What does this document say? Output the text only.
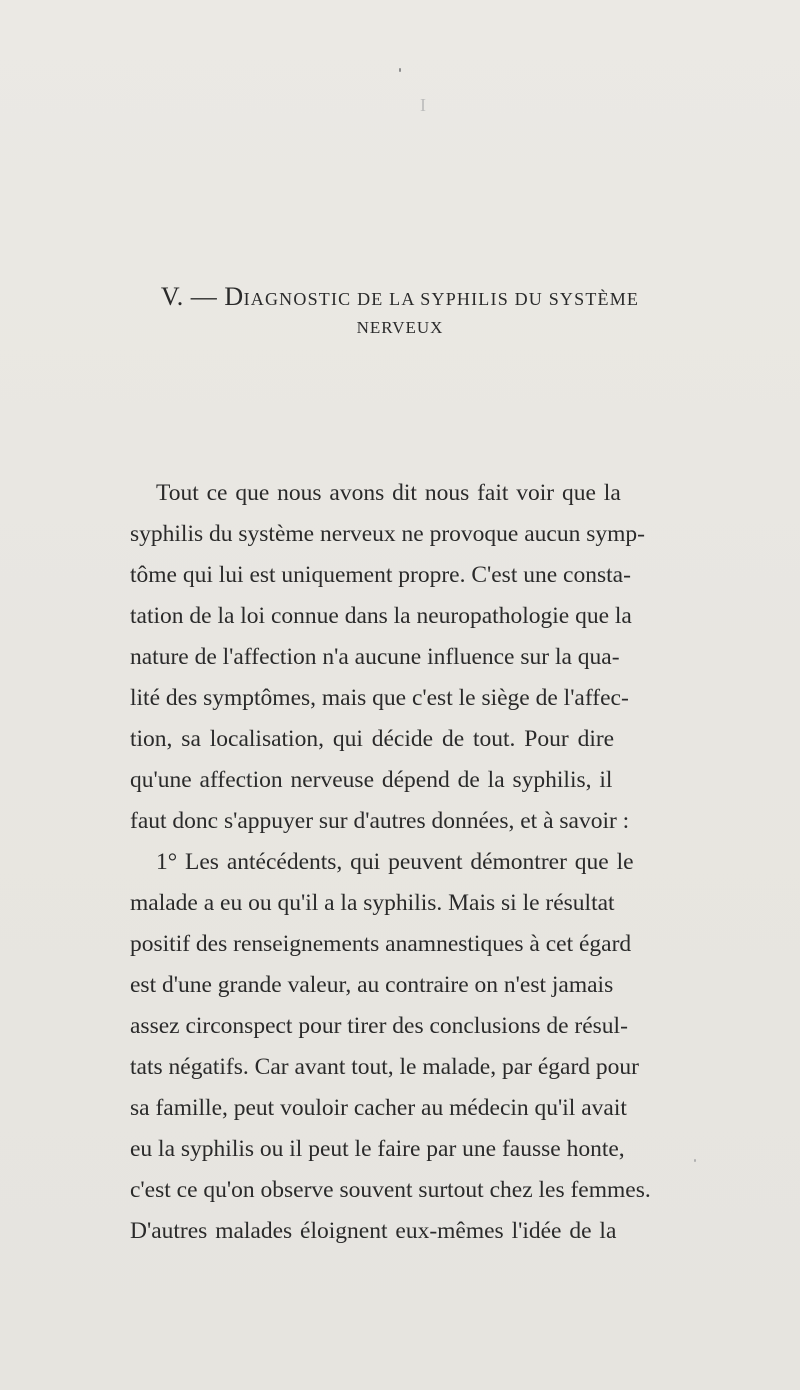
I
V. — DIAGNOSTIC DE LA SYPHILIS DU SYSTÈME
NERVEUX
Tout ce que nous avons dit nous fait voir que la
syphilis du système nerveux ne provoque aucun symp-
tôme qui lui est uniquement propre. C'est une consta-
tation de la loi connue dans la neuropathologie que la
nature de l'affection n'a aucune influence sur la qua-
lité des symptômes, mais que c'est le siège de l'affec-
tion, sa localisation, qui décide de tout. Pour dire
qu'une affection nerveuse dépend de la syphilis, il
faut donc s'appuyer sur d'autres données, et à savoir :
1° Les antécédents, qui peuvent démontrer que le
malade a eu ou qu'il a la syphilis. Mais si le résultat
positif des renseignements anamnestiques à cet égard
est d'une grande valeur, au contraire on n'est jamais
assez circonspect pour tirer des conclusions de résul-
tats négatifs. Car avant tout, le malade, par égard pour
sa famille, peut vouloir cacher au médecin qu'il avait
eu la syphilis ou il peut le faire par une fausse honte,
c'est ce qu'on observe souvent surtout chez les femmes.
D'autres malades éloignent eux-mêmes l'idée de la
